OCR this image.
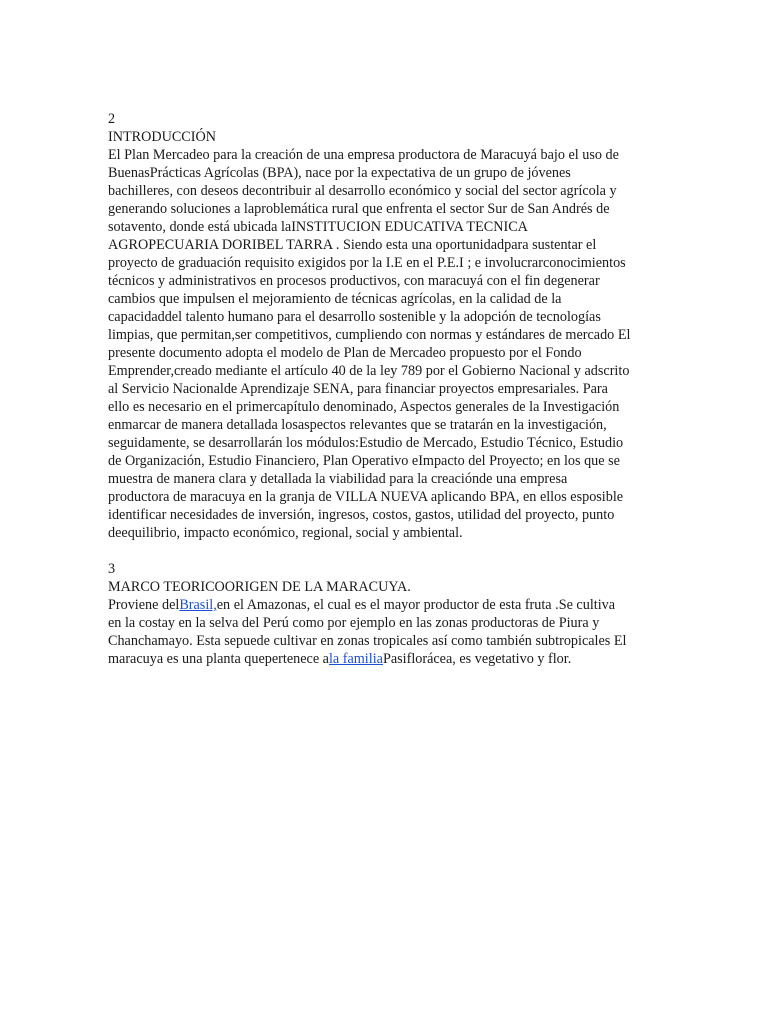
2
INTRODUCCIÓN
El Plan Mercadeo para la creación de una empresa productora de Maracuyá bajo el uso de
BuenasPrácticas Agrícolas (BPA), nace por la expectativa de un grupo de jóvenes
bachilleres, con deseos decontribuir al desarrollo económico y social del sector agrícola y
generando soluciones a laproblemática rural que enfrenta el sector Sur de San Andrés de
sotavento, donde está ubicada laINSTITUCION EDUCATIVA TECNICA
AGROPECUARIA DORIBEL TARRA . Siendo esta una oportunidadpara sustentar el
proyecto de graduación requisito exigidos por la I.E en el P.E.I ; e involucrarconocimientos
técnicos y administrativos en procesos productivos, con maracuyá con el fin degenerar
cambios que impulsen el mejoramiento de técnicas agrícolas, en la calidad de la
capacidaddel talento humano para el desarrollo sostenible y la adopción de tecnologías
limpias, que permitan,ser competitivos, cumpliendo con normas y estándares de mercado El
presente documento adopta el modelo de Plan de Mercadeo propuesto por el Fondo
Emprender,creado mediante el artículo 40 de la ley 789 por el Gobierno Nacional y adscrito
al Servicio Nacionalde Aprendizaje SENA, para financiar proyectos empresariales. Para
ello es necesario en el primercapítulo denominado, Aspectos generales de la Investigación
enmarcar de manera detallada losaspectos relevantes que se tratarán en la investigación,
seguidamente, se desarrollarán los módulos:Estudio de Mercado, Estudio Técnico, Estudio
de Organización, Estudio Financiero, Plan Operativo eImpacto del Proyecto; en los que se
muestra de manera clara y detallada la viabilidad para la creaciónde una empresa
productora de maracuya en la granja de VILLA NUEVA aplicando BPA, en ellos esposible
identificar necesidades de inversión, ingresos, costos, gastos, utilidad del proyecto, punto
deequilibrio, impacto económico, regional, social y ambiental.
3
MARCO TEORICOORIGEN DE LA MARACUYA.
Proviene delBrasil,en el Amazonas, el cual es el mayor productor de esta fruta .Se cultiva
en la costay en la selva del Perú como por ejemplo en las zonas productoras de Piura y
Chanchamayo. Esta sepuede cultivar en zonas tropicales así como también subtropicales El
maracuya es una planta quepertenece ala familiaPasiflorácea, es vegetativo y flor.
